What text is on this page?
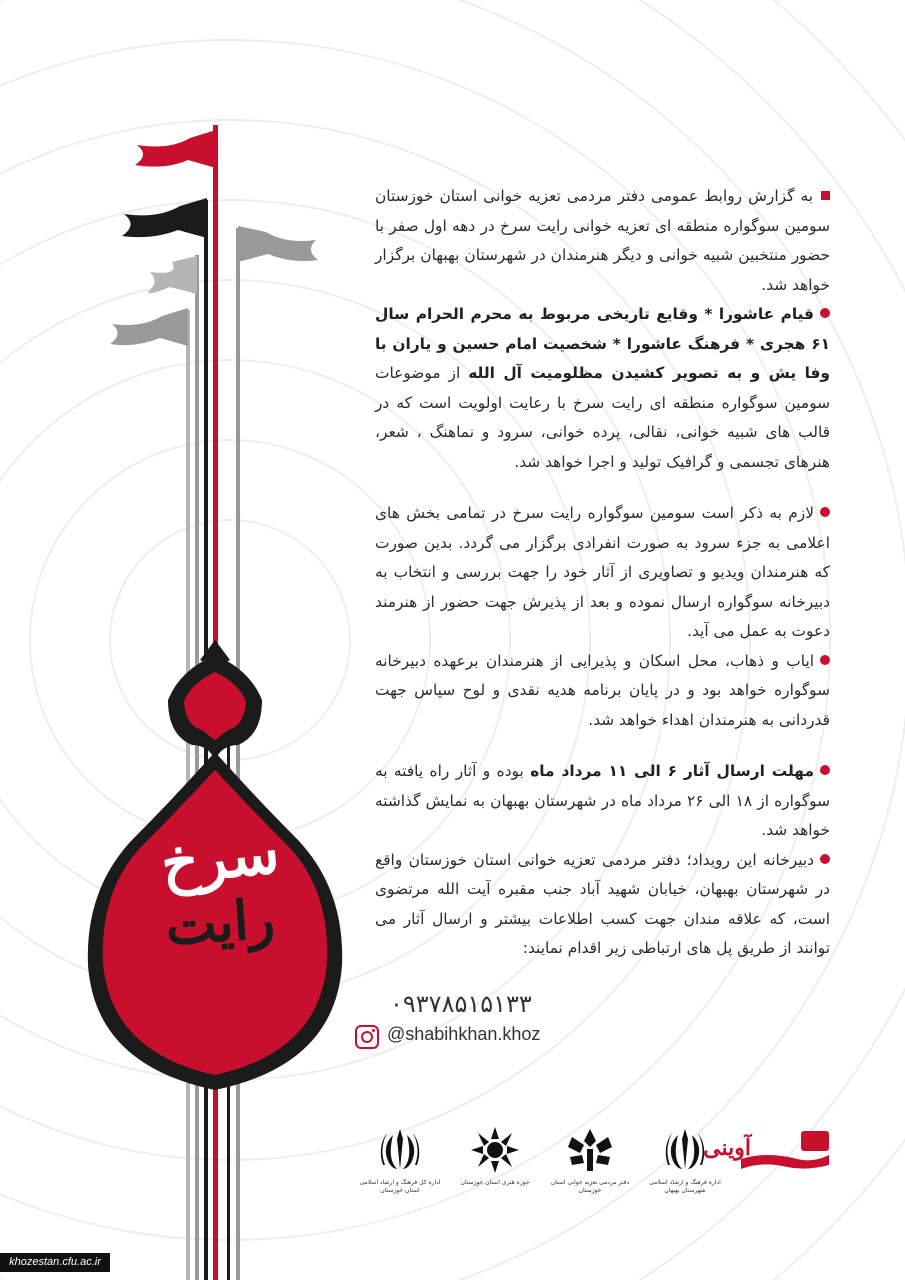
سرخ
رایت

به گزارش روابط عمومی دفتر مردمی تعزیه خوانی استان خوزستان سومین سوگواره منطقه ای تعزیه خوانی رایت سرخ در دهه اول صفر با حضور منتخبین شبیه خوانی و دیگر هنرمندان در شهرستان بهبهان برگزار خواهد شد.

قیام عاشورا * وقایع تاریخی مربوط به محرم الحرام سال ۶۱ هجری * فرهنگ عاشورا * شخصیت امام حسین و یاران با وفا یش و به تصویر کشیدن مظلومیت آل الله از موضوعات سومین سوگواره منطقه ای رایت سرخ با رعایت اولویت است که در قالب های شبیه خوانی، نقالی، پرده خوانی، سرود و نماهنگ ، شعر، هنرهای تجسمی و گرافیک تولید و اجرا خواهد شد.

لازم به ذکر است سومین سوگواره رایت سرخ در تمامی بخش های اعلامی به جزء سرود به صورت انفرادی برگزار می گردد. بدین صورت که هنرمندان ویدیو و تصاویری از آثار خود را جهت بررسی و انتخاب به دبیرخانه سوگواره ارسال نموده و بعد از پذیرش جهت حضور از هنرمند دعوت به عمل می آید.

ایاب و ذهاب، محل اسکان و پذیرایی از هنرمندان برعهده دبیرخانه سوگواره خواهد بود و در پایان برنامه هدیه نقدی و لوح سپاس جهت قدردانی به هنرمندان اهداء خواهد شد.

مهلت ارسال آثار ۶ الی ۱۱ مرداد ماه بوده و آثار راه یافته به سوگواره از ۱۸ الی ۲۶ مرداد ماه در شهرستان بهبهان به نمایش گذاشته خواهد شد.

دبیرخانه این رویداد؛ دفتر مردمی تعزیه خوانی استان خوزستان واقع در شهرستان بهبهان، خیابان شهید آباد جنب مقبره آیت الله مرتضوی است، که علاقه مندان جهت کسب اطلاعات بیشتر و ارسال آثار می توانند از طریق پل های ارتباطی زیر اقدام نمایند:

۰۹۳۷۸۵۱۵۱۳۳
@shabihkhan.khoz
اداره کل فرهنگ و ارشاد اسلامی استان خوزستان
حوزه هنری استان خوزستان	دفتر مردمی تعزیه خوانی استان خوزستان
اداره فرهنگ و ارشاد اسلامی شهرستان بهبهان
آوینی
khozestan.cfu.ac.ir
